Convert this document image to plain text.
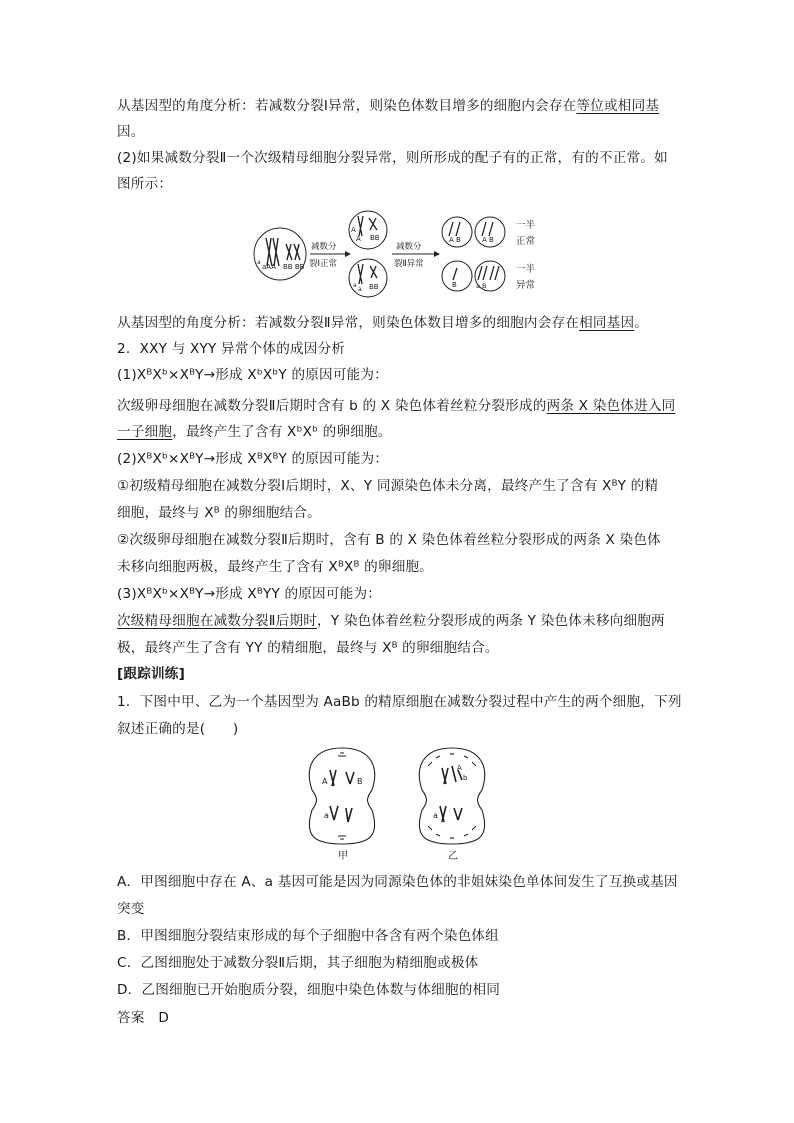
从基因型的角度分析：若减数分裂Ⅰ异常，则染色体数目增多的细胞内会存在等位或相同基
因。
(2)如果减数分裂Ⅱ一个次级精母细胞分裂异常，则所形成的配子有的正常，有的不正常。如
图所示：
a
aAA BB BB
减数分
裂Ⅰ正常
A
A BB
a
a BB
减数分
裂Ⅱ异常
A B	A B
B	a B
一半
正常
一半
异常
从基因型的角度分析：若减数分裂Ⅱ异常，则染色体数目增多的细胞内会存在相同基因。
2．XXY 与 XYY 异常个体的成因分析
(1)XᴮXᵇ×XᴮY→形成 XᵇXᵇY 的原因可能为：
次级卵母细胞在减数分裂Ⅱ后期时含有 b 的 X 染色体着丝粒分裂形成的两条 X 染色体进入同
一子细胞，最终产生了含有 XᵇXᵇ 的卵细胞。
(2)XᴮXᵇ×XᴮY→形成 XᴮXᴮY 的原因可能为：
①初级精母细胞在减数分裂Ⅰ后期时，X、Y 同源染色体未分离，最终产生了含有 XᴮY 的精
细胞，最终与 Xᴮ 的卵细胞结合。
②次级卵母细胞在减数分裂Ⅱ后期时，含有 B 的 X 染色体着丝粒分裂形成的两条 X 染色体
未移向细胞两极，最终产生了含有 XᴮXᴮ 的卵细胞。
(3)XᴮXᵇ×XᴮY→形成 XᴮYY 的原因可能为：
次级精母细胞在减数分裂Ⅱ后期时，Y 染色体着丝粒分裂形成的两条 Y 染色体未移向细胞两
极，最终产生了含有 YY 的精细胞，最终与 Xᴮ 的卵细胞结合。
[跟踪训练]
1．下图中甲、乙为一个基因型为 AaBb 的精原细胞在减数分裂过程中产生的两个细胞，下列
叙述正确的是(　　)
A	B
a
甲
A
b
a
乙
A．甲图细胞中存在 A、a 基因可能是因为同源染色体的非姐妹染色单体间发生了互换或基因
突变
B．甲图细胞分裂结束形成的每个子细胞中各含有两个染色体组
C．乙图细胞处于减数分裂Ⅱ后期，其子细胞为精细胞或极体
D．乙图细胞已开始胞质分裂，细胞中染色体数与体细胞的相同
答案　D
